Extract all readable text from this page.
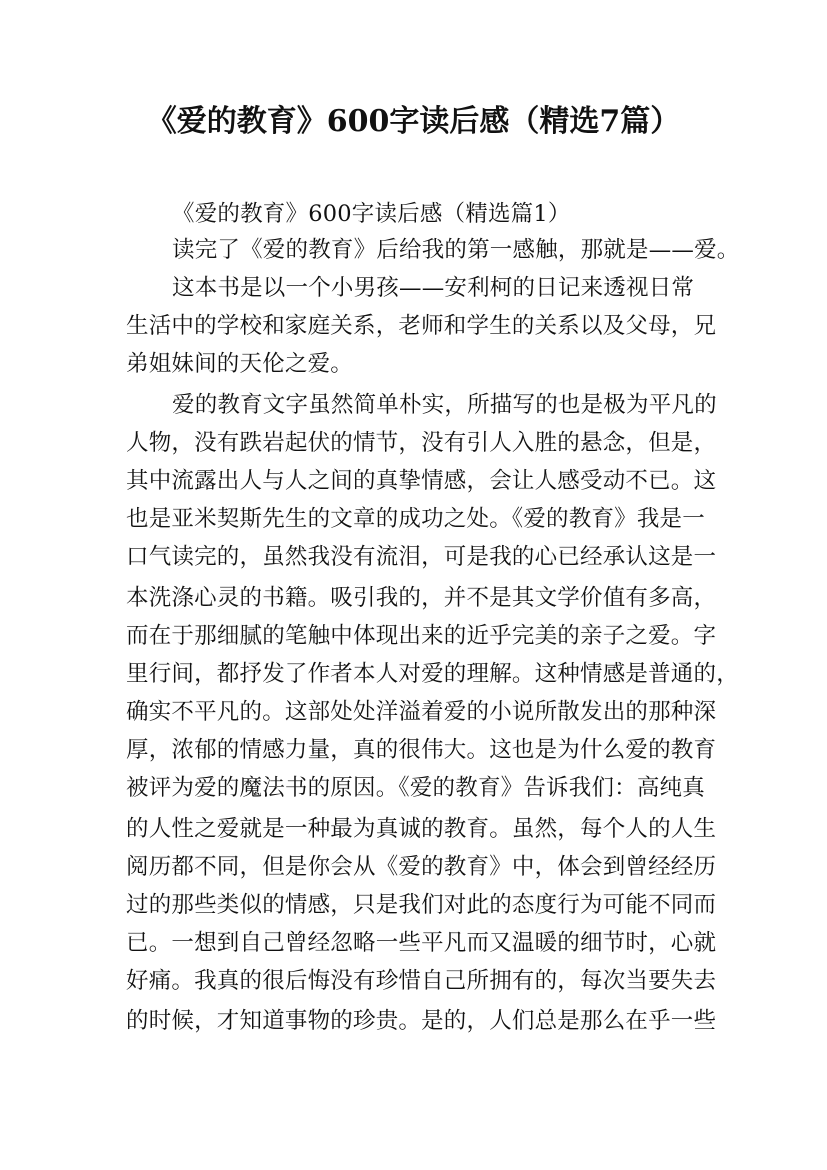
《爱的教育》600字读后感（精选7篇）
《爱的教育》600字读后感（精选篇1）
读完了《爱的教育》后给我的第一感触，那就是——爱。
这本书是以一个小男孩——安利柯的日记来透视日常
生活中的学校和家庭关系，老师和学生的关系以及父母，兄
弟姐妹间的天伦之爱。
爱的教育文字虽然简单朴实，所描写的也是极为平凡的
人物，没有跌岩起伏的情节，没有引人入胜的悬念，但是，
其中流露出人与人之间的真挚情感，会让人感受动不已。这
也是亚米契斯先生的文章的成功之处。《爱的教育》我是一
口气读完的，虽然我没有流泪，可是我的心已经承认这是一
本洗涤心灵的书籍。吸引我的，并不是其文学价值有多高，
而在于那细腻的笔触中体现出来的近乎完美的亲子之爱。字
里行间，都抒发了作者本人对爱的理解。这种情感是普通的，
确实不平凡的。这部处处洋溢着爱的小说所散发出的那种深
厚，浓郁的情感力量，真的很伟大。这也是为什么爱的教育
被评为爱的魔法书的原因。《爱的教育》告诉我们：高纯真
的人性之爱就是一种最为真诚的教育。虽然，每个人的人生
阅历都不同，但是你会从《爱的教育》中，体会到曾经经历
过的那些类似的情感，只是我们对此的态度行为可能不同而
已。一想到自己曾经忽略一些平凡而又温暖的细节时，心就
好痛。我真的很后悔没有珍惜自己所拥有的，每次当要失去
的时候，才知道事物的珍贵。是的，人们总是那么在乎一些
